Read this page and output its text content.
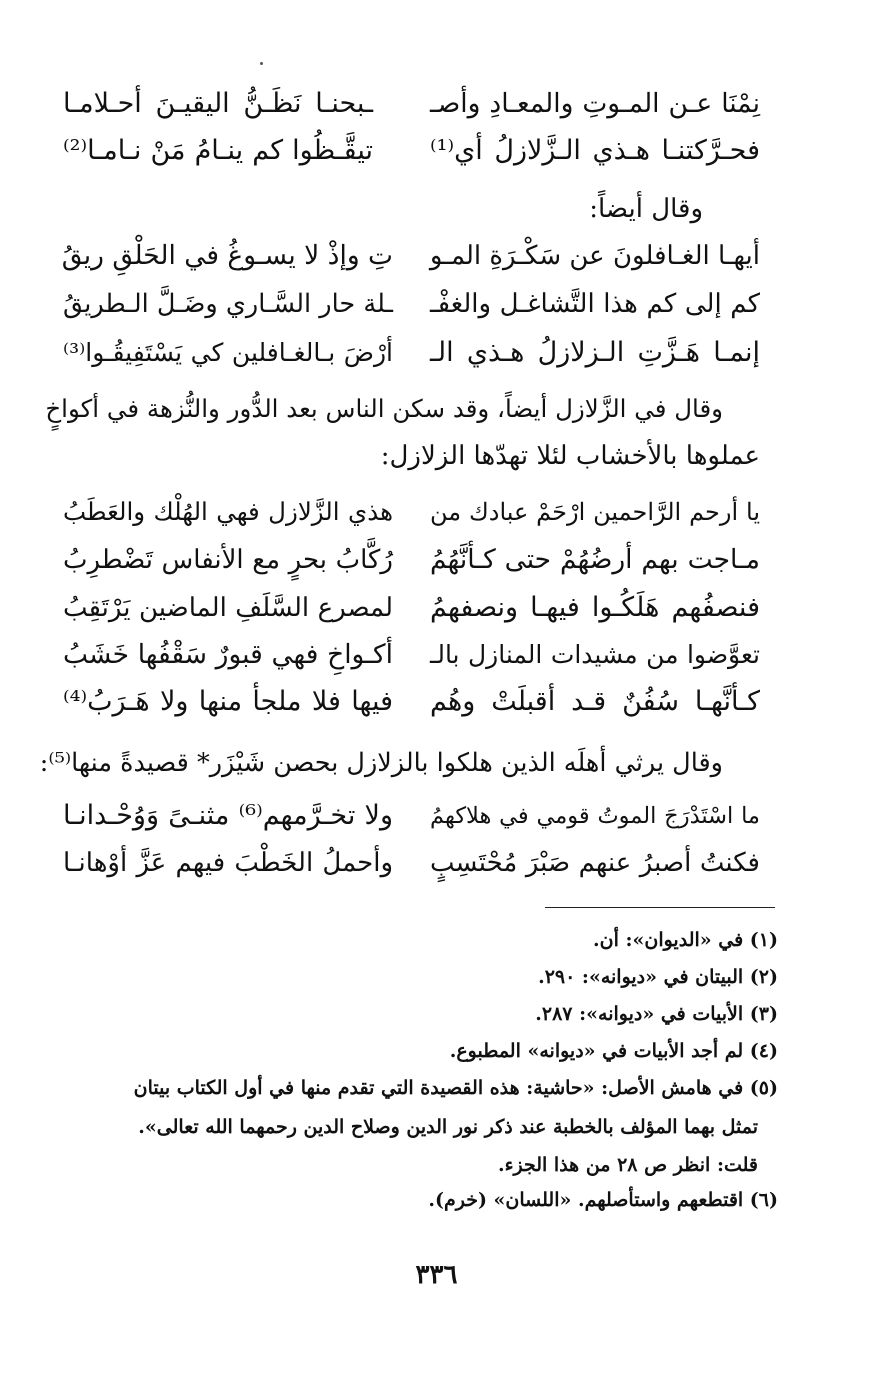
نِمْنَا عـن المـوتِ والمعـادِ وأصـ
ـبحنـا نَظَـنُّ اليقيـنَ أحـلامـا
فحـرَّكتنـا هـذي الـزَّلازلُ أي⁽¹⁾
تيقَّـظُوا كم ينـامُ مَنْ نـامـا⁽²⁾
وقال أيضاً:
أيهـا الغـافلونَ عن سَكْـرَةِ المـو
تِ وإذْ لا يسـوغُ في الحَلْقِ ريقُ
كم إلى كم هذا التَّشاغـل والغفْـ
ـلة حار السَّـاري وضَـلَّ الـطريقُ
إنمـا هَـزَّتِ الـزلازلُ هـذي الـ
أرْضَ بـالغـافلين كي يَسْتَفِيقُـوا⁽³⁾
وقال في الزَّلازل أيضاً، وقد سكن الناس بعد الدُّور والنُّزهة في أكواخٍ
عملوها بالأخشاب لئلا تهدّها الزلازل:
يا أرحم الرَّاحمين ارْحَمْ عبادك من
هذي الزَّلازل فهي الهُلْك والعَطَبُ
مـاجت بهم أرضُهُمْ حتى كـأنَّهُمُ
رُكَّابُ بحرٍ مع الأنفاس تَضْطرِبُ
فنصفُهم هَلَكُـوا فيهـا ونصفهمُ
لمصرع السَّلَفِ الماضين يَرْتَقِبُ
تعوَّضوا من مشيدات المنازل بالـ
أكـواخِ فهي قبورٌ سَقْفُها خَشَبُ
كـأنَّهـا سُفُنٌ قـد أقبلَتْ وهُم
فيها فلا ملجأ منها ولا هَـرَبُ⁽⁴⁾
وقال يرثي أهلَه الذين هلكوا بالزلازل بحصن شَيْزَر* قصيدةً منها⁽⁵⁾:
ما اسْتَدْرَجَ الموتُ قومي في هلاكهمُ
ولا تخـرَّمهم⁽⁶⁾ مثنـىً وَوُحْـدانـا
فكنتُ أصبرُ عنهم صَبْرَ مُحْتَسِبٍ
وأحملُ الخَطْبَ فيهم عَزَّ أوْهانـا
(١) في «الديوان»: أن.
(٢) البيتان في «ديوانه»: ٢٩٠.
(٣) الأبيات في «ديوانه»: ٢٨٧.
(٤) لم أجد الأبيات في «ديوانه» المطبوع.
(٥) في هامش الأصل: «حاشية: هذه القصيدة التي تقدم منها في أول الكتاب بيتان
تمثل بهما المؤلف بالخطبة عند ذكر نور الدين وصلاح الدين رحمهما الله تعالى».
قلت: انظر ص ٢٨ من هذا الجزء.
(٦) اقتطعهم واستأصلهم. «اللسان» (خرم).
٣٣٦
